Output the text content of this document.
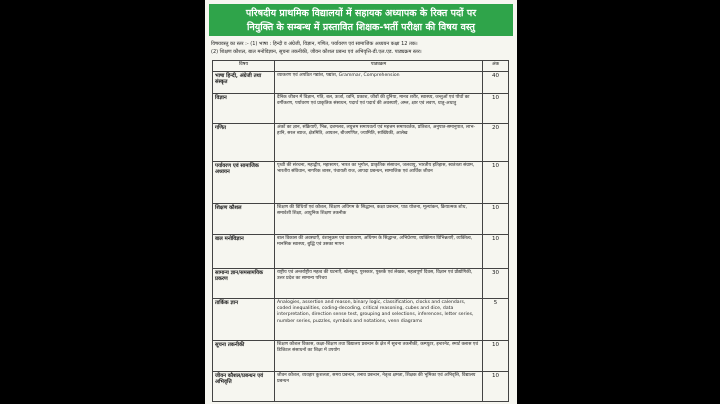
परिषदीय प्राथमिक विद्यालयों में सहायक अध्यापक के रिक्त पदों पर
नियुक्ति के सम्बन्ध में प्रस्तावित शिक्षक-भर्ती परीक्षा की विषय वस्तु
विषयवस्तु का स्तर :- (1) भाषा : हिन्दी व अंग्रेजी, विज्ञान, गणित, पर्यावरण एवं सामाजिक अध्ययन कक्षा 12 तक।
(2) शिक्षण कौशल, बाल मनोविज्ञान, सूचना तकनीकी, जीवन कौशल प्रबन्ध एवं अभिवृत्ति-डी.एल.एड. पाठ्यक्रम स्तर।
विषय	पाठ्यक्रम	अंक
भाषा हिन्दी, अंग्रेजी तथा संस्कृत	व्याकरण एवं अपठित गद्यांश, पद्यांश, Grammar, Comprehension	40
विज्ञान	दैनिक जीवन में विज्ञान, गति, बल, ऊर्जा, ध्वनि, प्रकाश, जीवों की दुनिया, मानव शरीर, स्वास्थ्य, जन्तुओं एवं पौधों का वर्गीकरण, पर्यावरण एवं प्राकृतिक संसाधन, पदार्थ एवं पदार्थ की अवस्थाएँ, अम्ल, क्षार एवं लवण, धातु-अधातु	10
गणित	अंकों का ज्ञान, संक्रियाएँ, भिन्न, दशमलव, लघुत्तम समापवर्त्य एवं महत्तम समापवर्तक, प्रतिशत, अनुपात-समानुपात, लाभ-हानि, सरल ब्याज, क्षेत्रमिति, आयतन, बीजगणित, ज्यामिति, सांख्यिकी, आलेख	20
पर्यावरण एवं सामाजिक अध्ययन	पृथ्वी की संरचना, महाद्वीप, महासागर, भारत का भूगोल, प्राकृतिक संसाधन, जलवायु, भारतीय इतिहास, स्वतंत्रता संग्राम, भारतीय संविधान, नागरिक शास्त्र, पंचायती राज, आपदा प्रबन्धन, सामाजिक एवं आर्थिक जीवन	10
शिक्षण कौशल	शिक्षण की विधियाँ एवं कौशल, शिक्षण अधिगम के सिद्धान्त, कक्षा प्रबन्धन, पाठ योजना, मूल्यांकन, क्रियात्मक शोध, समावेशी शिक्षा, आधुनिक शिक्षण तकनीक	10
बाल मनोविज्ञान	बाल विकास की अवस्थाएँ, वंशानुक्रम एवं वातावरण, अधिगम के सिद्धान्त, अभिप्रेरणा, व्यक्तिगत विभिन्नताएँ, व्यक्तित्व, मानसिक स्वास्थ्य, बुद्धि एवं उसका मापन	10
सामान्य ज्ञान/समसामयिक प्रकरण	राष्ट्रीय एवं अन्तर्राष्ट्रीय महत्व की घटनाएँ, खेलकूद, पुरस्कार, पुस्तकें एवं लेखक, महत्वपूर्ण दिवस, विज्ञान एवं प्रौद्योगिकी, उत्तर प्रदेश का सामान्य परिचय	30
तार्किक ज्ञान	Analogies, assertion and reason, binary logic, classification, clocks and calendars, coded inequalities, coding-decoding, critical reasoning, cubes and dice, data interpretation, direction sense test, grouping and selections, inferences, letter series, number series, puzzles, symbols and notations, venn diagrams	5
सूचना तकनीकी	शिक्षण कौशल विकास, कक्षा-शिक्षण तथा विद्यालय प्रबन्धन के क्षेत्र में सूचना तकनीकी, कम्प्यूटर, इन्टरनेट, स्मार्ट क्लास एवं डिजिटल संसाधनों का शिक्षा में उपयोग	10
जीवन कौशल/प्रबन्धन एवं अभिवृत्ति	जीवन कौशल, व्यवहार कुशलता, समय प्रबन्धन, तनाव प्रबन्धन, नेतृत्व क्षमता, शिक्षक की भूमिका एवं अभिवृत्ति, विद्यालय प्रबन्धन	10
